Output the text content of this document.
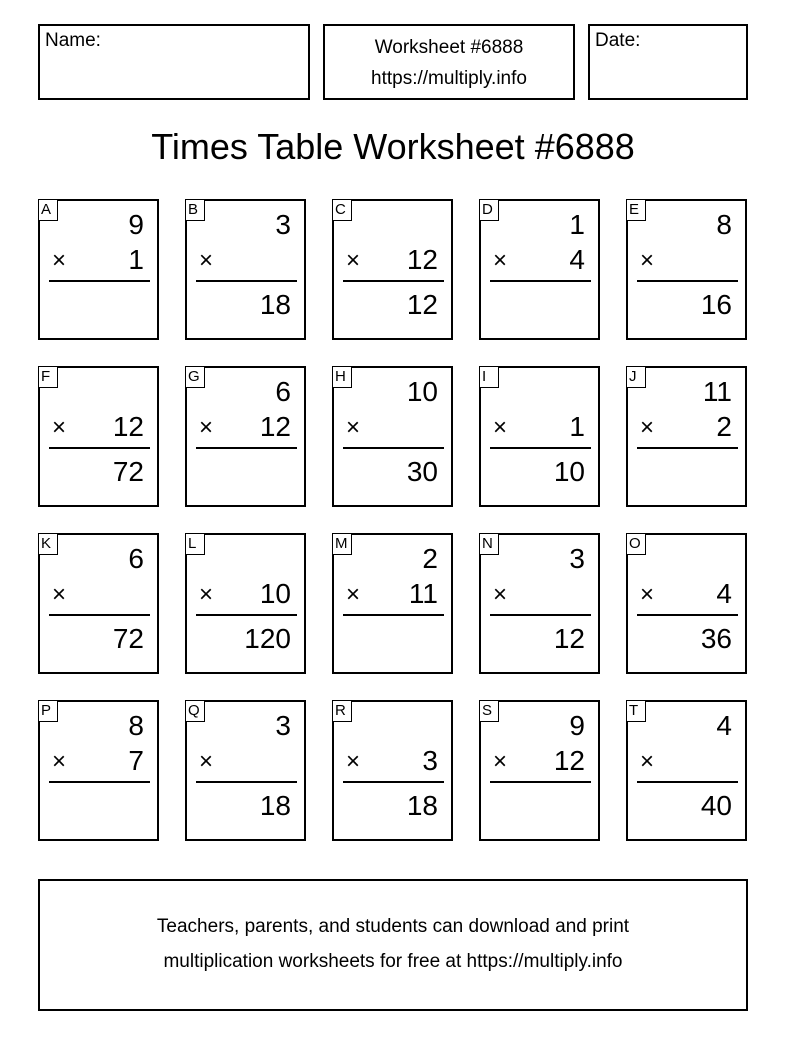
Name:	Worksheet #6888
https://multiply.info
Date:
Times Table Worksheet #6888
A	9
× 1
B	3
×
18
C
× 12
12
D	1
× 4
E	8
×
16
F
× 12
72
G	6
× 12
H 10
×
30
I
× 1
10
J	11
× 2
K	6
×
72
L
× 10
120
M	2
× 11
N	3
×
12
O
× 4
36
P	8
× 7
Q	3
×
18
R
× 3
18
S	9
× 12
T	4
×
40
Teachers, parents, and students can download and print
multiplication worksheets for free at https://multiply.info
